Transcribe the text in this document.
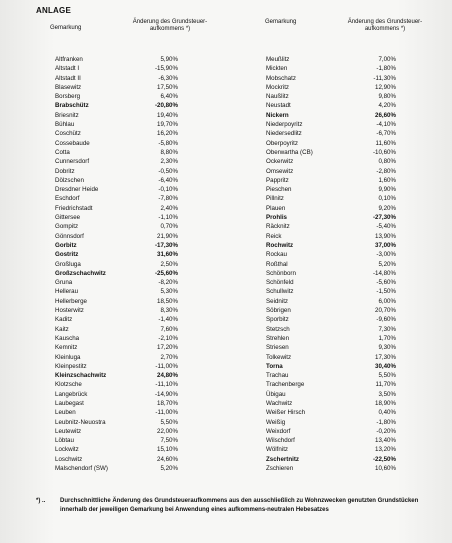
ANLAGE
Gemarkung
Änderung des Grundsteuer-aufkommens *)
Gemarkung	Änderung des Grundsteuer-aufkommens *)
Altfranken	5,90%
Altstadt I	-15,90%
Altstadt II	-6,30%
Blasewitz	17,50%
Borsberg	6,40%
Brabschütz	-20,80%
Briesnitz	19,40%
Bühlau	19,70%
Coschütz	16,20%
Cossebaude	-5,80%
Cotta	8,80%
Cunnersdorf	2,30%
Dobritz	-0,50%
Dölzschen	-6,40%
Dresdner Heide	-0,10%
Eschdorf	-7,80%
Friedrichstadt	2,40%
Gittersee	-1,10%
Gompitz	0,70%
Gönnsdorf	21,90%
Gorbitz	-17,30%
Gostritz	31,60%
Großluga	2,50%
Großzschachwitz	-25,60%
Gruna	-8,20%
Hellerau	5,30%
Hellerberge	18,50%
Hosterwitz	8,30%
Kaditz	-1,40%
Kaitz	7,60%
Kauscha	-2,10%
Kemnitz	17,20%
Kleinluga	2,70%
Kleinpestitz	-11,00%
Kleinzschachwitz	24,80%
Klotzsche	-11,10%
Langebrück	-14,90%
Laubegast	18,70%
Leuben	-11,00%
Leubnitz-Neuostra	5,50%
Leutewitz	22,00%
Löbtau	7,50%
Lockwitz	15,10%
Loschwitz	24,60%
Malschendorf (SW)	5,20%
Meußlitz	7,00%
Mickten	-1,80%
Mobschatz	-11,30%
Mockritz	12,90%
Naußlitz	9,80%
Neustadt	4,20%
Nickern	26,60%
Niederpoyritz	-4,10%
Niedersedlitz	-6,70%
Oberpoyritz	11,60%
Oberwartha (CB)	-10,60%
Ockerwitz	0,80%
Omsewitz	-2,80%
Pappritz	1,60%
Pieschen	9,90%
Pillnitz	0,10%
Plauen	9,20%
Prohlis	-27,30%
Räcknitz	-5,40%
Reick	13,90%
Rochwitz	37,00%
Rockau	-3,00%
Roßthal	5,20%
Schönborn	-14,80%
Schönfeld	-5,60%
Schullwitz	-1,50%
Seidnitz	6,00%
Söbrigen	20,70%
Sporbitz	-9,60%
Stetzsch	7,30%
Strehlen	1,70%
Striesen	9,30%
Tolkewitz	17,30%
Torna	30,40%
Trachau	5,50%
Trachenberge	11,70%
Übigau	3,50%
Wachwitz	18,90%
Weißer Hirsch	0,40%
Weißig	-1,80%
Weixdorf	-0,20%
Wilschdorf	13,40%
Wölfnitz	13,20%
Zschertnitz	-22,50%
Zschieren	10,60%
*) .. Durchschnittliche Änderung des Grundsteueraufkommens aus den ausschließlich zu Wohnzwecken genutzten Grundstücken innerhalb der jeweiligen Gemarkung bei Anwendung eines aufkommens-neutralen Hebesatzes
